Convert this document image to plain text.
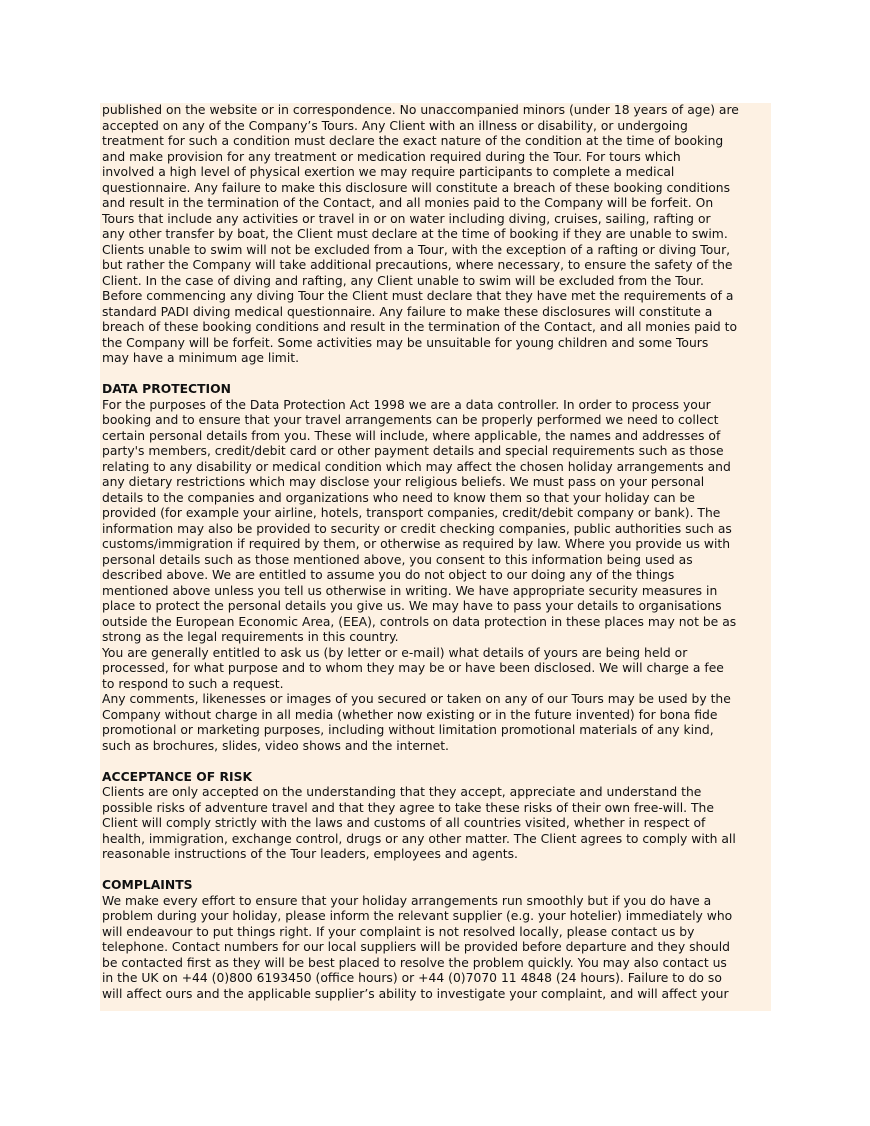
published on the website or in correspondence. No unaccompanied minors (under 18 years of age) are
accepted on any of the Company’s Tours. Any Client with an illness or disability, or undergoing
treatment for such a condition must declare the exact nature of the condition at the time of booking
and make provision for any treatment or medication required during the Tour. For tours which
involved a high level of physical exertion we may require participants to complete a medical
questionnaire. Any failure to make this disclosure will constitute a breach of these booking conditions
and result in the termination of the Contact, and all monies paid to the Company will be forfeit. On
Tours that include any activities or travel in or on water including diving, cruises, sailing, rafting or
any other transfer by boat, the Client must declare at the time of booking if they are unable to swim.
Clients unable to swim will not be excluded from a Tour, with the exception of a rafting or diving Tour,
but rather the Company will take additional precautions, where necessary, to ensure the safety of the
Client. In the case of diving and rafting, any Client unable to swim will be excluded from the Tour.
Before commencing any diving Tour the Client must declare that they have met the requirements of a
standard PADI diving medical questionnaire. Any failure to make these disclosures will constitute a
breach of these booking conditions and result in the termination of the Contact, and all monies paid to
the Company will be forfeit. Some activities may be unsuitable for young children and some Tours
may have a minimum age limit.
DATA PROTECTION
For the purposes of the Data Protection Act 1998 we are a data controller. In order to process your
booking and to ensure that your travel arrangements can be properly performed we need to collect
certain personal details from you. These will include, where applicable, the names and addresses of
party's members, credit/debit card or other payment details and special requirements such as those
relating to any disability or medical condition which may affect the chosen holiday arrangements and
any dietary restrictions which may disclose your religious beliefs. We must pass on your personal
details to the companies and organizations who need to know them so that your holiday can be
provided (for example your airline, hotels, transport companies, credit/debit company or bank). The
information may also be provided to security or credit checking companies, public authorities such as
customs/immigration if required by them, or otherwise as required by law. Where you provide us with
personal details such as those mentioned above, you consent to this information being used as
described above. We are entitled to assume you do not object to our doing any of the things
mentioned above unless you tell us otherwise in writing. We have appropriate security measures in
place to protect the personal details you give us. We may have to pass your details to organisations
outside the European Economic Area, (EEA), controls on data protection in these places may not be as
strong as the legal requirements in this country.
You are generally entitled to ask us (by letter or e-mail) what details of yours are being held or
processed, for what purpose and to whom they may be or have been disclosed. We will charge a fee
to respond to such a request.
Any comments, likenesses or images of you secured or taken on any of our Tours may be used by the
Company without charge in all media (whether now existing or in the future invented) for bona fide
promotional or marketing purposes, including without limitation promotional materials of any kind,
such as brochures, slides, video shows and the internet.
ACCEPTANCE OF RISK
Clients are only accepted on the understanding that they accept, appreciate and understand the
possible risks of adventure travel and that they agree to take these risks of their own free-will. The
Client will comply strictly with the laws and customs of all countries visited, whether in respect of
health, immigration, exchange control, drugs or any other matter. The Client agrees to comply with all
reasonable instructions of the Tour leaders, employees and agents.
COMPLAINTS
We make every effort to ensure that your holiday arrangements run smoothly but if you do have a
problem during your holiday, please inform the relevant supplier (e.g. your hotelier) immediately who
will endeavour to put things right. If your complaint is not resolved locally, please contact us by
telephone. Contact numbers for our local suppliers will be provided before departure and they should
be contacted first as they will be best placed to resolve the problem quickly. You may also contact us
in the UK on +44 (0)800 6193450 (office hours) or +44 (0)7070 11 4848 (24 hours). Failure to do so
will affect ours and the applicable supplier’s ability to investigate your complaint, and will affect your
